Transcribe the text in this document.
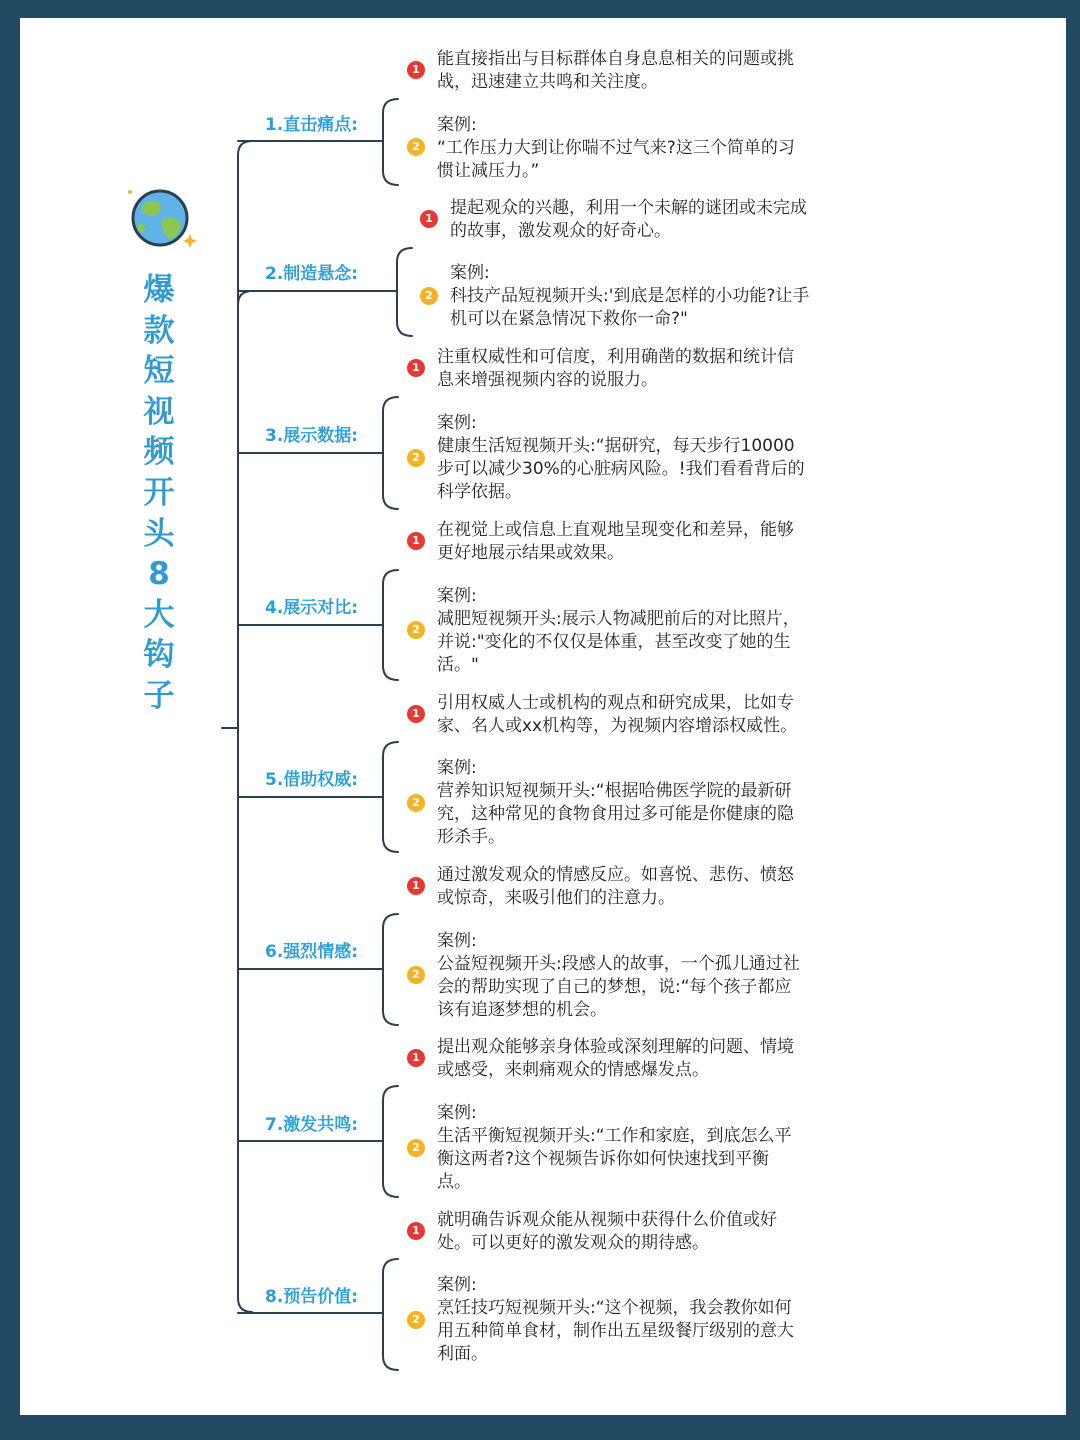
爆
款
短
视
频
开
头
8
大
钩
子
1.直击痛点:
1
能直接指出与目标群体自身息息相关的问题或挑
战，迅速建立共鸣和关注度。
2
案例:
“工作压力大到让你喘不过气来?这三个简单的习
惯让减压力。”
2.制造悬念:
1
提起观众的兴趣，利用一个未解的谜团或未完成
的故事，激发观众的好奇心。
2
案例:
科技产品短视频开头:'到底是怎样的小功能?让手
机可以在紧急情况下救你一命?"
3.展示数据:
1
注重权威性和可信度，利用确凿的数据和统计信
息来增强视频内容的说服力。
2
案例:
健康生活短视频开头:“据研究，每天步行10000
步可以减少30%的心脏病风险。!我们看看背后的
科学依据。
4.展示对比:
1
在视觉上或信息上直观地呈现变化和差异，能够
更好地展示结果或效果。
2
案例:
减肥短视频开头:展示人物减肥前后的对比照片，
并说:"变化的不仅仅是体重，甚至改变了她的生
活。"
5.借助权威:
1
引用权威人士或机构的观点和研究成果，比如专
家、名人或xx机构等，为视频内容增添权威性。
2
案例:
营养知识短视频开头:“根据哈佛医学院的最新研
究，这种常见的食物食用过多可能是你健康的隐
形杀手。
6.强烈情感:
1
通过激发观众的情感反应。如喜悦、悲伤、愤怒
或惊奇，来吸引他们的注意力。
2
案例:
公益短视频开头:段感人的故事，一个孤儿通过社
会的帮助实现了自己的梦想，说:“每个孩子都应
该有追逐梦想的机会。
7.激发共鸣:
1
提出观众能够亲身体验或深刻理解的问题、情境
或感受，来刺痛观众的情感爆发点。
2
案例:
生活平衡短视频开头:“工作和家庭，到底怎么平
衡这两者?这个视频告诉你如何快速找到平衡
点。
8.预告价值:
1
就明确告诉观众能从视频中获得什么价值或好
处。可以更好的激发观众的期待感。
2
案例:
烹饪技巧短视频开头:“这个视频，我会教你如何
用五种简单食材，制作出五星级餐厅级别的意大
利面。
